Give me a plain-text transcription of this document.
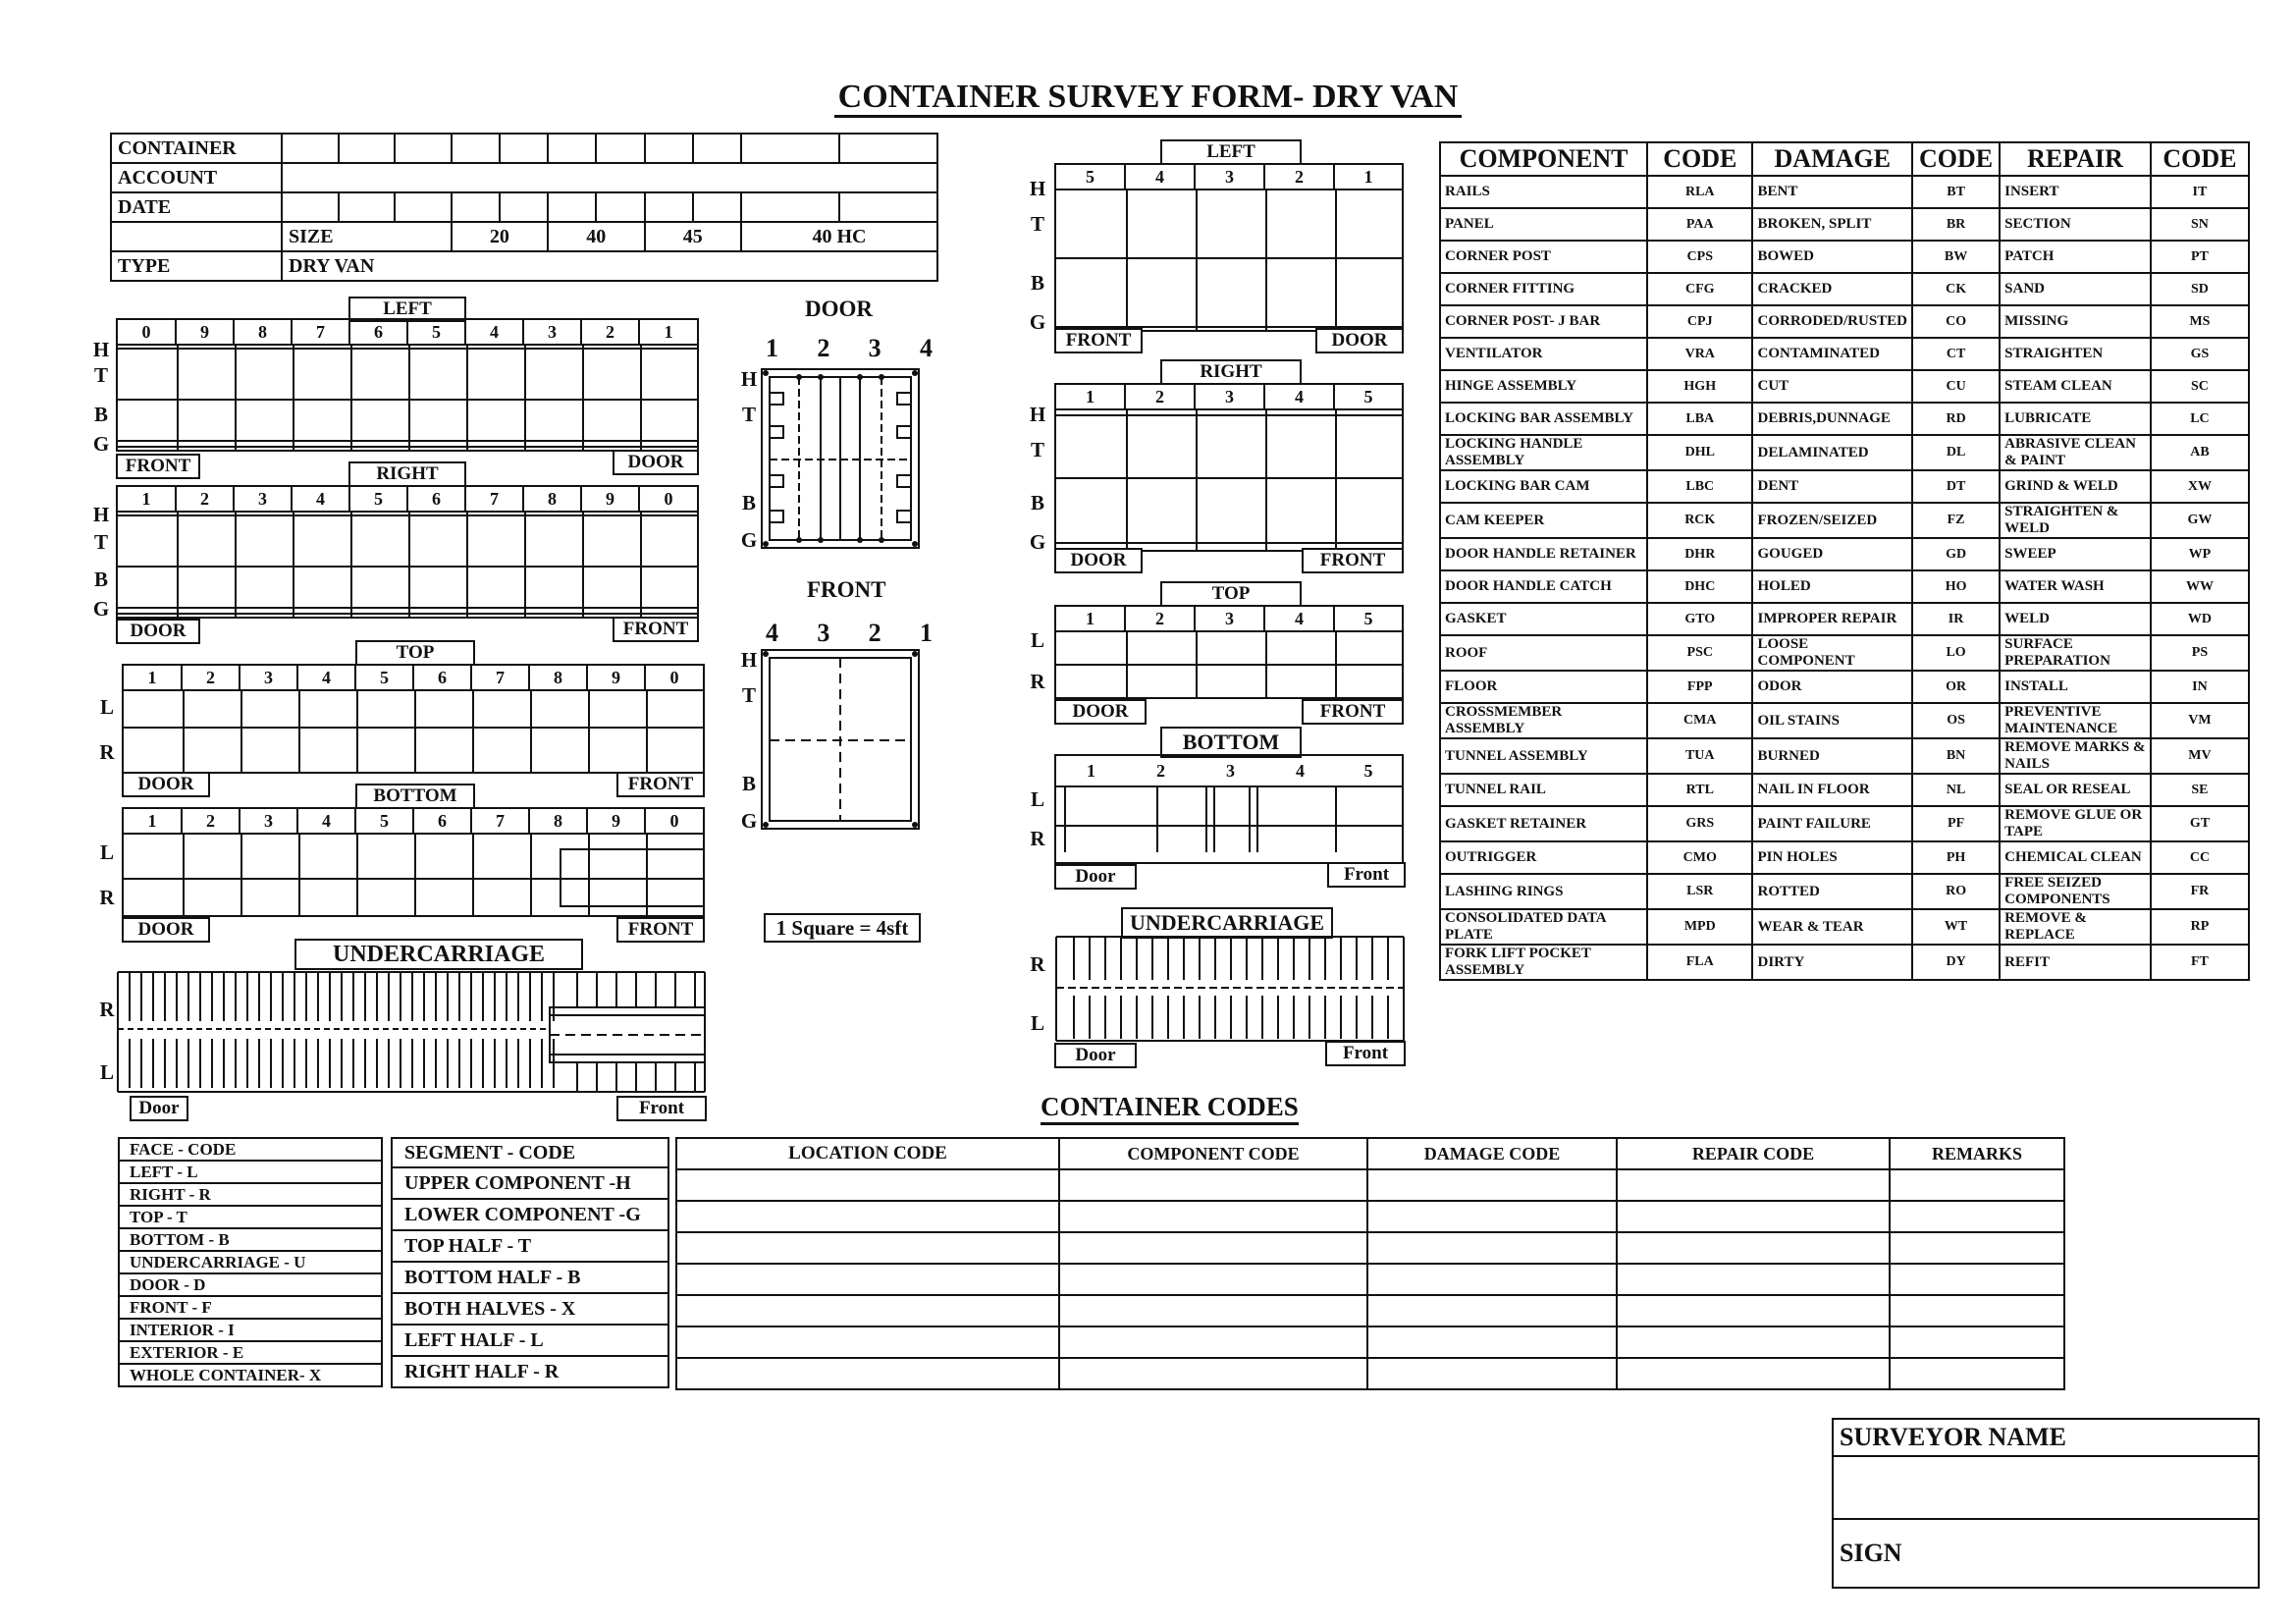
CONTAINER SURVEY FORM- DRY VAN
CONTAINER											
ACCOUNT											
DATE											
	SIZE			20		40		45		40 HC	
TYPE	DRY VAN										
LEFT
0	9	8	7	6	5	4	3	2	1
H
T
B
G
FRONT	DOOR
RIGHT
1	2	3	4	5	6	7	8	9	0
H
T
B
G
DOOR	FRONT
TOP
1	2	3	4	5	6	7	8	9	0
L
R
DOOR	FRONT
BOTTOM
1	2	3	4	5	6	7	8	9	0
L
R
DOOR	FRONT
UNDERCARRIAGE
R
L
Door	Front
DOOR
1 2 3 4
H
T
B
G
FRONT
4 3 2 1
H
T
B
G
1 Square = 4sft
LEFT
5	4	3	2	1
H
T
B
G
FRONT	DOOR
RIGHT
1	2	3	4	5
H
T
B
G
DOOR	FRONT
TOP
1	2	3	4	5
L
R
DOOR	FRONT
BOTTOM
1	2	3	4	5
L
R
Door	Front
UNDERCARRIAGE
R
L
Door	Front
COMPONENT	CODE	DAMAGE	CODE	REPAIR	CODE
RAILS	RLA	BENT	BT	INSERT	IT
PANEL	PAA	BROKEN, SPLIT	BR	SECTION	SN
CORNER POST	CPS	BOWED	BW	PATCH	PT
CORNER FITTING	CFG	CRACKED	CK	SAND	SD
CORNER POST- J BAR	CPJ	CORRODED/RUSTED	CO	MISSING	MS
VENTILATOR	VRA	CONTAMINATED	CT	STRAIGHTEN	GS
HINGE ASSEMBLY	HGH	CUT	CU	STEAM CLEAN	SC
LOCKING BAR ASSEMBLY	LBA	DEBRIS,DUNNAGE	RD	LUBRICATE	LC
LOCKING HANDLE ASSEMBLY	DHL	DELAMINATED	DL	ABRASIVE CLEAN & PAINT	AB
LOCKING BAR CAM	LBC	DENT	DT	GRIND & WELD	XW
CAM KEEPER	RCK	FROZEN/SEIZED	FZ	STRAIGHTEN & WELD	GW
DOOR HANDLE RETAINER	DHR	GOUGED	GD	SWEEP	WP
DOOR HANDLE CATCH	DHC	HOLED	HO	WATER WASH	WW
GASKET	GTO	IMPROPER REPAIR	IR	WELD	WD
ROOF	PSC	LOOSE COMPONENT	LO	SURFACE PREPARATION	PS
FLOOR	FPP	ODOR	OR	INSTALL	IN
CROSSMEMBER ASSEMBLY	CMA	OIL STAINS	OS	PREVENTIVE MAINTENANCE	VM
TUNNEL ASSEMBLY	TUA	BURNED	BN	REMOVE MARKS & NAILS	MV
TUNNEL RAIL	RTL	NAIL IN FLOOR	NL	SEAL OR RESEAL	SE
GASKET RETAINER	GRS	PAINT FAILURE	PF	REMOVE GLUE OR TAPE	GT
OUTRIGGER	CMO	PIN HOLES	PH	CHEMICAL CLEAN	CC
LASHING RINGS	LSR	ROTTED	RO	FREE SEIZED COMPONENTS	FR
CONSOLIDATED DATA PLATE	MPD	WEAR & TEAR	WT	REMOVE & REPLACE	RP
FORK LIFT POCKET ASSEMBLY	FLA	DIRTY	DY	REFIT	FT
CONTAINER CODES
FACE - CODE
LEFT - L
RIGHT - R
TOP - T
BOTTOM - B
UNDERCARRIAGE - U
DOOR - D
FRONT - F
INTERIOR - I
EXTERIOR - E
WHOLE CONTAINER- X
SEGMENT - CODE
UPPER COMPONENT -H
LOWER COMPONENT -G
TOP HALF - T
BOTTOM HALF - B
BOTH HALVES - X
LEFT HALF - L
RIGHT HALF - R
LOCATION CODE	COMPONENT CODE	DAMAGE CODE	REPAIR CODE	REMARKS

SURVEYOR NAME

SIGN
